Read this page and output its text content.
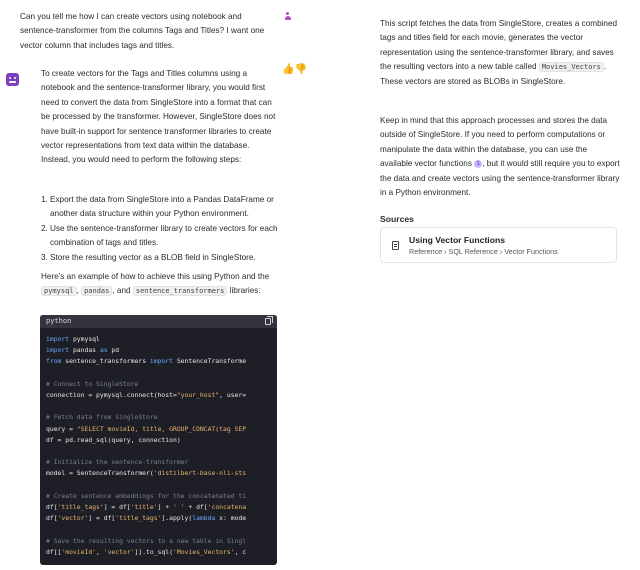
Can you tell me how I can create vectors using notebook and sentence-transformer from the columns Tags and Titles? I want one vector column that includes tags and titles.
👍👎

To create vectors for the Tags and Titles columns using a notebook and the sentence-transformer library, you would first need to convert the data from SingleStore into a format that can be processed by the transformer. However, SingleStore does not have built-in support for sentence transformer libraries to create vector representations from text data within the database. Instead, you would need to perform the following steps:

1. Export the data from SingleStore into a Pandas DataFrame or another data structure within your Python environment.
2. Use the sentence-transformer library to create vectors for each combination of tags and titles.
3. Store the resulting vector as a BLOB field in SingleStore.
Here's an example of how to achieve this using Python and the pymysql , pandas , and sentence_transformers libraries:
python
import pymysql
import pandas as pd
from sentence_transformers import SentenceTransforme

# Connect to SingleStore
connection = pymysql.connect(host="your_host", user=

# Fetch data from SingleStore
query = "SELECT movieId, title, GROUP_CONCAT(tag SEP
df = pd.read_sql(query, connection)

# Initialize the sentence-transformer
model = SentenceTransformer('distilbert-base-nli-sts

# Create sentence embeddings for the concatenated ti
df['title_tags'] = df['title'] + ' ' + df['concatena
df['vector'] = df['title_tags'].apply(lambda x: mode

# Save the resulting vectors to a new table in Singl
df[['movieId', 'vector']].to_sql('Movies_Vectors', c
This script fetches the data from SingleStore, creates a combined tags and titles field for each movie, generates the vector representation using the sentence-transformer library, and saves the resulting vectors into a new table called Movies_Vectors . These vectors are stored as BLOBs in SingleStore.
Keep in mind that this approach processes and stores the data outside of SingleStore. If you need to perform computations or manipulate the data within the database, you can use the available vector functions 1 , but it would still require you to export the data and create vectors using the sentence-transformer library in a Python environment.
Sources
Using Vector Functions
Reference › SQL Reference › Vector Functions
